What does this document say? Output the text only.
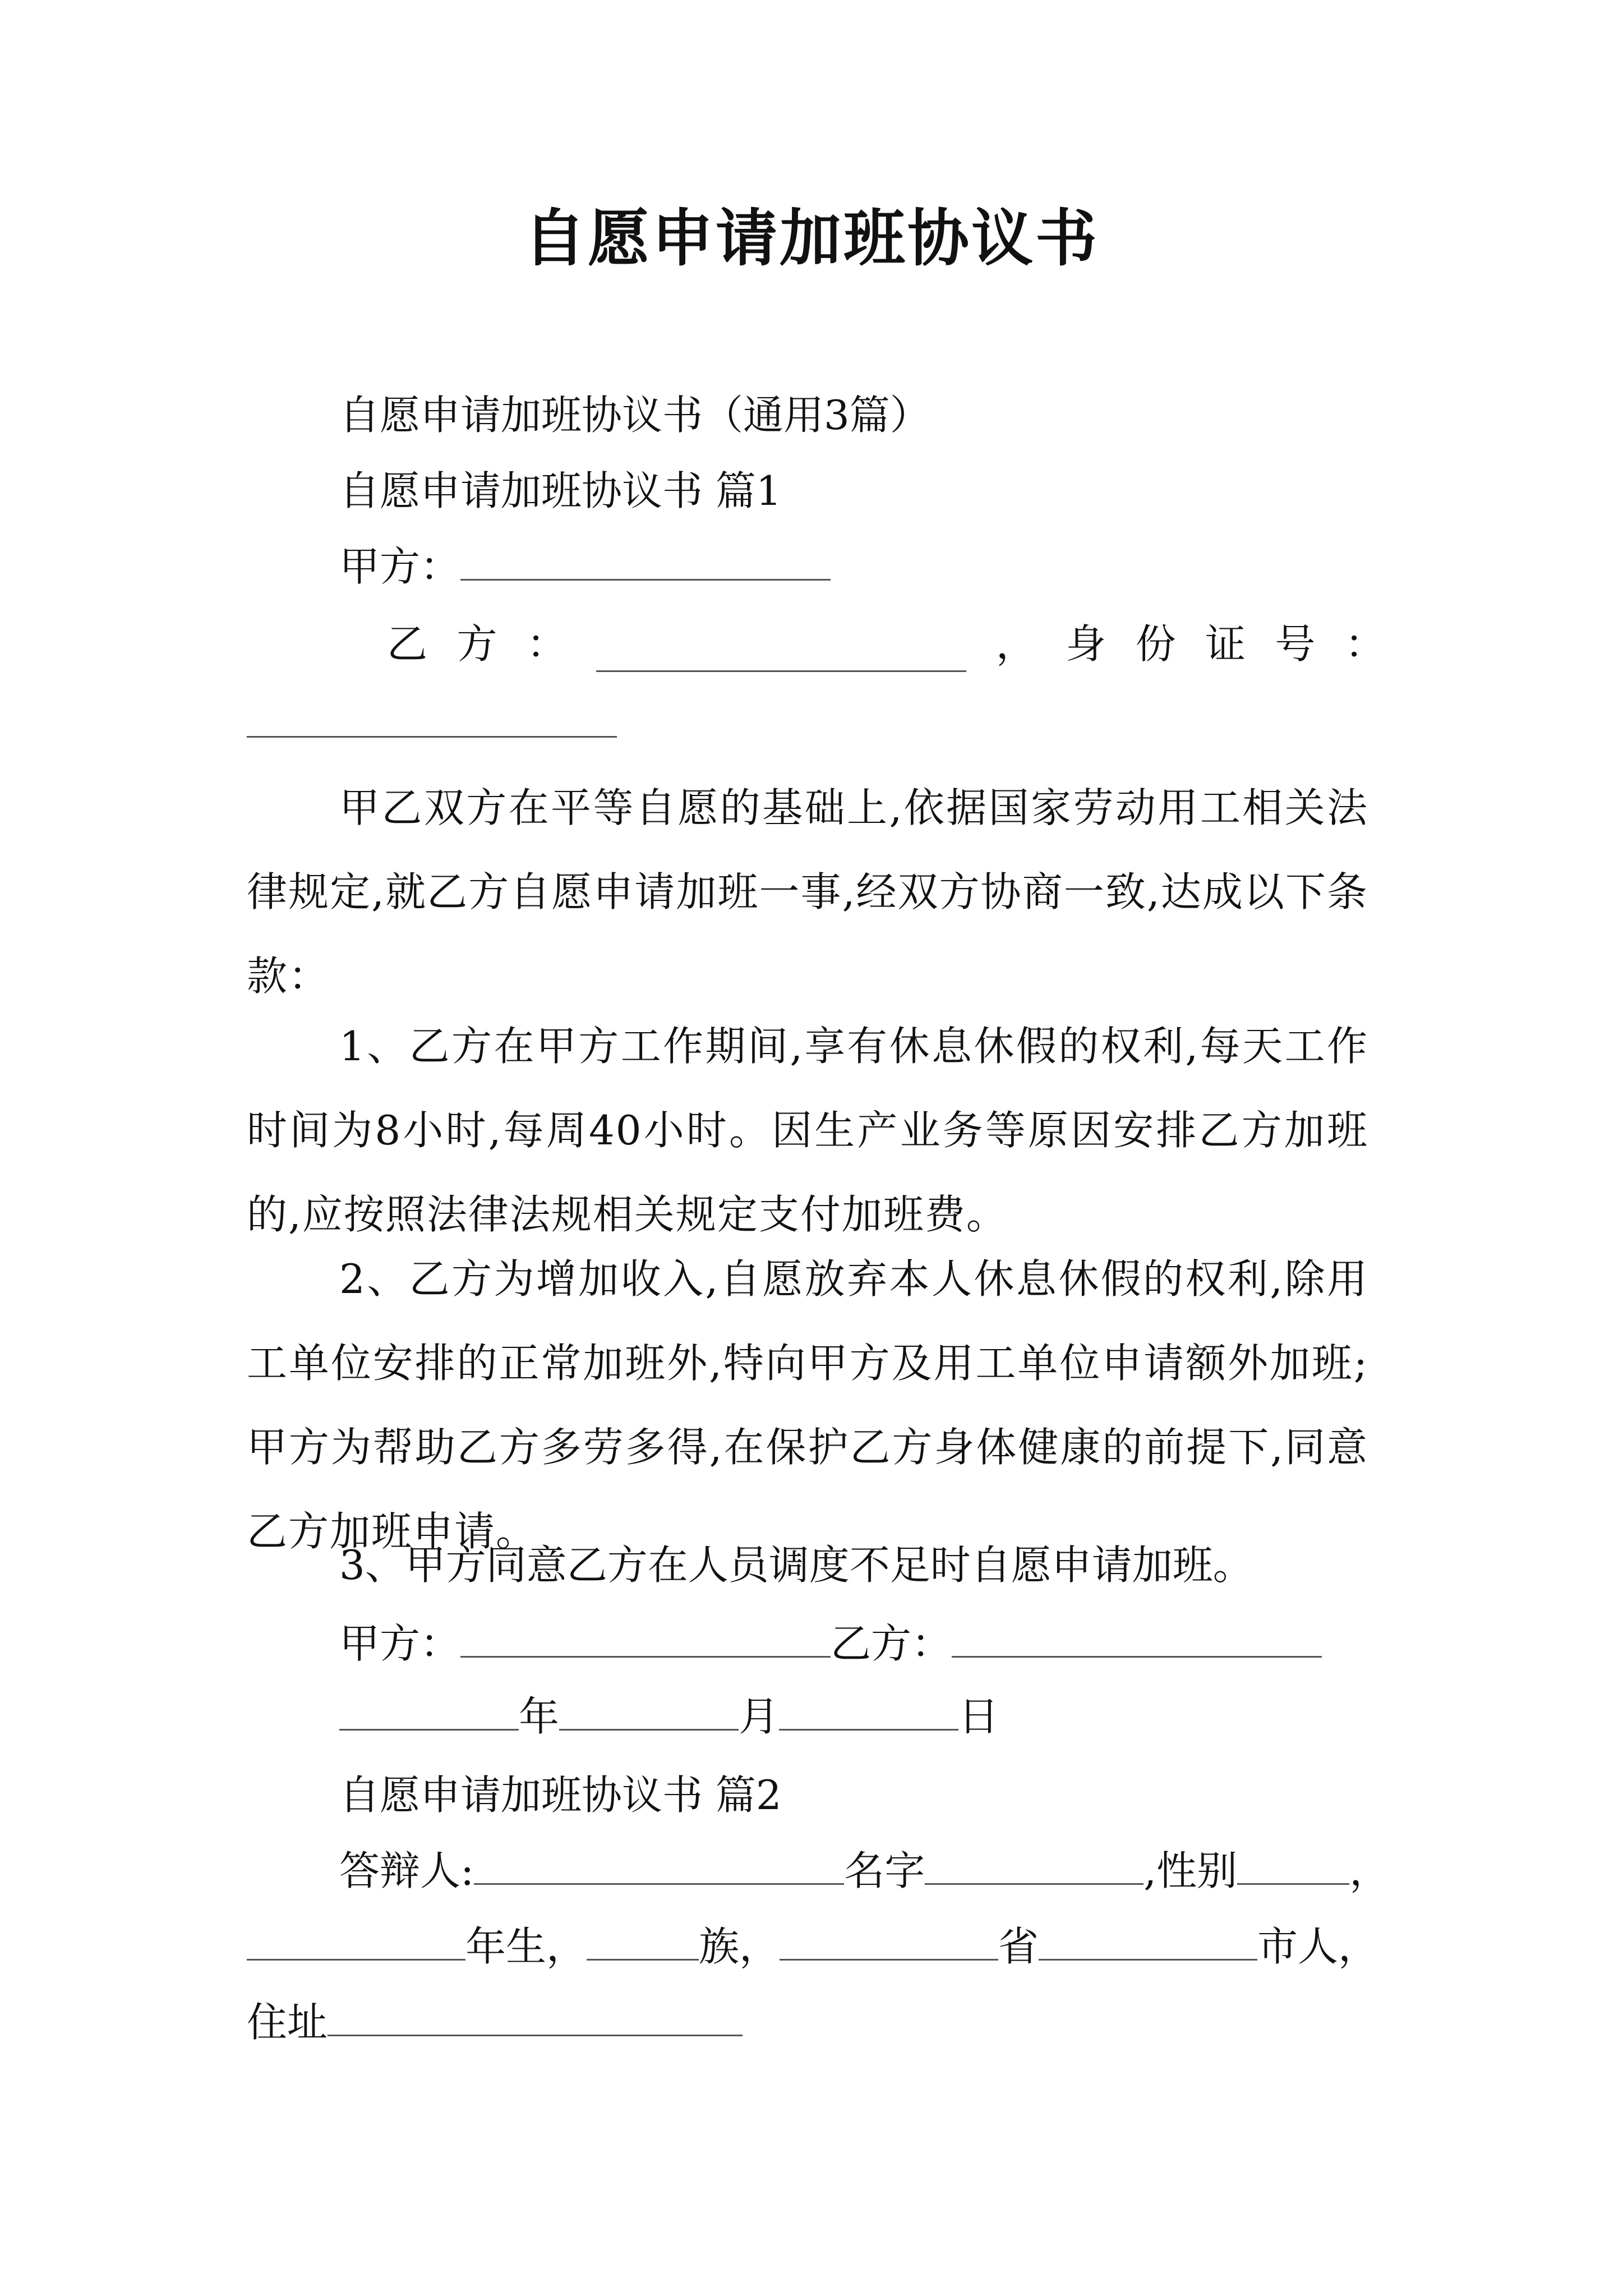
自愿申请加班协议书
自愿申请加班协议书（通用3篇）
自愿申请加班协议书 篇1
甲方：
乙 方 ：	， 身 份 证 号 ：
甲乙双方在平等自愿的基础上,依据国家劳动用工相关法律规定,就乙方自愿申请加班一事,经双方协商一致,达成以下条款：
1、乙方在甲方工作期间,享有休息休假的权利,每天工作时间为8小时,每周40小时。因生产业务等原因安排乙方加班的,应按照法律法规相关规定支付加班费。
2、乙方为增加收入,自愿放弃本人休息休假的权利,除用工单位安排的正常加班外,特向甲方及用工单位申请额外加班;甲方为帮助乙方多劳多得,在保护乙方身体健康的前提下,同意乙方加班申请。
3、甲方同意乙方在人员调度不足时自愿申请加班。
甲方：	乙方：
年	月	日
自愿申请加班协议书 篇2
答辩人:	名字	,性别	，
年生，	族，	省	市人，
住址
